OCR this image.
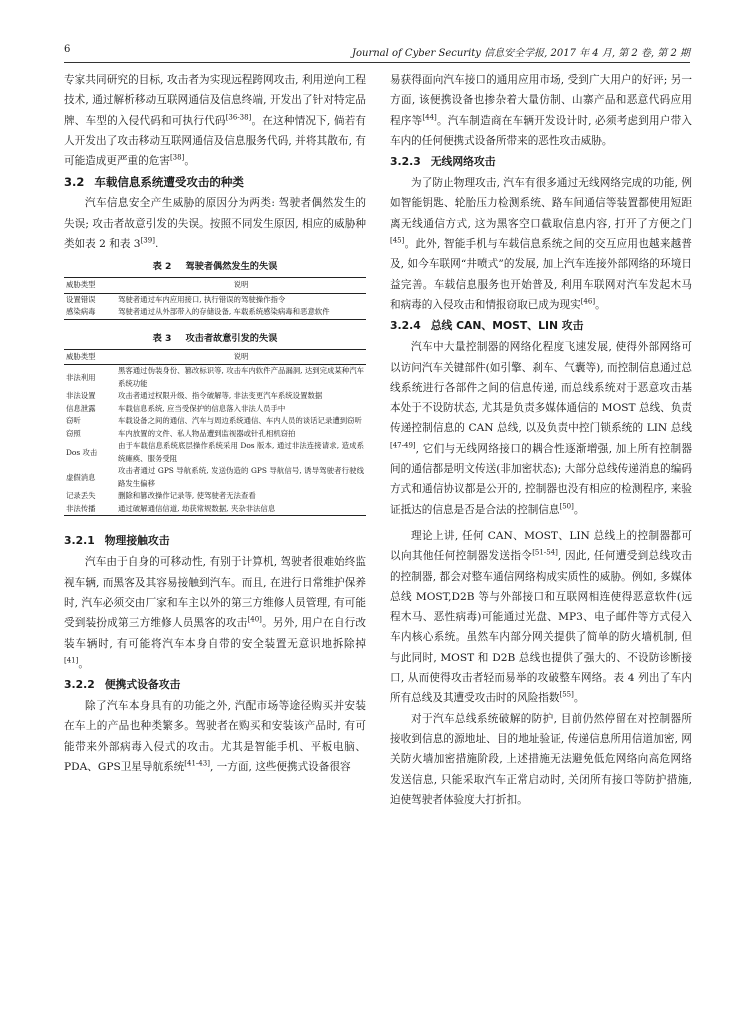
6	Journal of Cyber Security 信息安全学报, 2017 年 4 月, 第 2 卷, 第 2 期

专家共同研究的目标, 攻击者为实现远程跨网攻击, 利用逆向工程技术, 通过解析移动互联网通信及信息终端, 开发出了针对特定品牌、车型的入侵代码和可执行代码[36-38]。在这种情况下, 倘若有人开发出了攻击移动互联网通信及信息服务代码, 并将其散布, 有可能造成更严重的危害[38]。

3.2 车载信息系统遭受攻击的种类

汽车信息安全产生威胁的原因分为两类: 驾驶者偶然发生的失误; 攻击者故意引发的失误。按照不同发生原因, 相应的威胁种类如表 2 和表 3[39].

表 2 驾驶者偶然发生的失误
威胁类型	说明
设置错误	驾驶者通过车内应用接口, 执行错误的驾驶操作指令
感染病毒	驾驶者通过从外部带入的存储设备, 车载系统感染病毒和恶意软件
表 3 攻击者故意引发的失误
威胁类型	说明
非法利用	黑客通过伪装身份、篡改标识等, 攻击车内软件产品漏洞, 达到完成某种汽车系统功能
非法设置	攻击者通过权限升级、指令破解等, 非法变更汽车系统设置数据
信息泄露	车载信息系统, 应当受保护的信息落入非法人员手中
窃听	车载设备之间的通信、汽车与周边系统通信、车内人员的谈话记录遭到窃听
窃照	车内放置的文件、私人物品遭到监视器或针孔相机窃拍
Dos 攻击	由于车载信息系统底层操作系统采用 Dos 版本, 通过非法连接请求, 造成系统瘫痪、服务受阻
虚假消息	攻击者通过 GPS 导航系统, 发送伪造的 GPS 导航信号, 诱导驾驶者行驶线路发生偏移
记录丢失	删除和篡改操作记录等, 使驾驶者无法查看
非法传播	通过破解通信信道, 劫获常规数据, 夹杂非法信息
3.2.1 物理接触攻击

汽车由于自身的可移动性, 有别于计算机, 驾驶者很难始终监视车辆, 而黑客及其容易接触到汽车。而且, 在进行日常维护保养时, 汽车必须交由厂家和车主以外的第三方维修人员管理, 有可能受到装扮成第三方维修人员黑客的攻击[40]。另外, 用户在自行改装车辆时, 有可能将汽车本身自带的安全装置无意识地拆除掉[41]。

3.2.2 便携式设备攻击

除了汽车本身具有的功能之外, 汽配市场等途径购买并安装在车上的产品也种类繁多。驾驶者在购买和安装该产品时, 有可能带来外部病毒入侵式的攻击。尤其是智能手机、平板电脑、PDA、GPS卫星导航系统[41-43], 一方面, 这些便携式设备很容

易获得面向汽车接口的通用应用市场, 受到广大用户的好评; 另一方面, 该便携设备也掺杂着大量仿制、山寨产品和恶意代码应用程序等[44]。汽车制造商在车辆开发设计时, 必须考虑到用户带入车内的任何便携式设备所带来的恶性攻击威胁。

3.2.3 无线网络攻击

为了防止物理攻击, 汽车有很多通过无线网络完成的功能, 例如智能钥匙、轮胎压力检测系统、路车间通信等装置都使用短距离无线通信方式, 这为黑客空口截取信息内容, 打开了方便之门[45]。此外, 智能手机与车载信息系统之间的交互应用也越来越普及, 如今车联网“井喷式”的发展, 加上汽车连接外部网络的环境日益完善。车载信息服务也开始普及, 利用车联网对汽车发起木马和病毒的入侵攻击和情报窃取已成为现实[46]。

3.2.4 总线 CAN、MOST、LIN 攻击

汽车中大量控制器的网络化程度飞速发展, 使得外部网络可以访问汽车关键部件(如引擎、刹车、气囊等), 而控制信息通过总线系统进行各部件之间的信息传递, 而总线系统对于恶意攻击基本处于不设防状态, 尤其是负责多媒体通信的 MOST 总线、负责传递控制信息的 CAN 总线, 以及负责中控门锁系统的 LIN 总线[47-49], 它们与无线网络接口的耦合性逐渐增强, 加上所有控制器间的通信都是明文传送(非加密状态); 大部分总线传递消息的编码方式和通信协议都是公开的, 控制器也没有相应的检测程序, 来验证抵达的信息是否是合法的控制信息[50]。

理论上讲, 任何 CAN、MOST、LIN 总线上的控制器都可以向其他任何控制器发送指令[51-54], 因此, 任何遭受到总线攻击的控制器, 都会对整车通信网络构成实质性的威胁。例如, 多媒体总线 MOST,D2B 等与外部接口和互联网相连使得恶意软件(远程木马、恶性病毒)可能通过光盘、MP3、电子邮件等方式侵入车内核心系统。虽然车内部分网关提供了简单的防火墙机制, 但与此同时, MOST 和 D2B 总线也提供了强大的、不设防诊断接口, 从而使得攻击者轻而易举的攻破整车网络。表 4 列出了车内所有总线及其遭受攻击时的风险指数[55]。

对于汽车总线系统破解的防护, 目前仍然停留在对控制器所接收到信息的源地址、目的地址验证, 传递信息所用信道加密, 网关防火墙加密措施阶段, 上述措施无法避免低危网络向高危网络发送信息, 只能采取汽车正常启动时, 关闭所有接口等防护措施, 迫使驾驶者体验度大打折扣。
